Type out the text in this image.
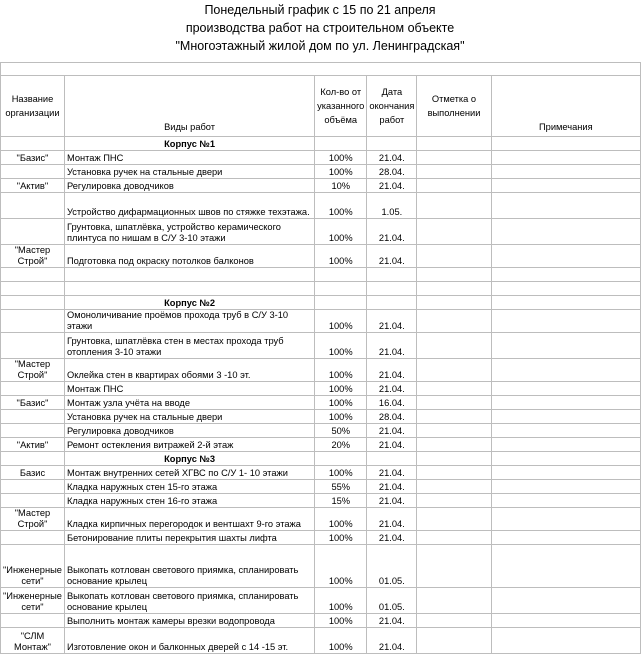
Понедельный график с 15 по 21 апреля
производства работ на строительном объекте
"Многоэтажный жилой дом по ул. Ленинградская"

Название организации	Виды работ	Кол-во от указанного объёма	Дата окончания работ	Отметка о выполнении	Примечания
	Корпус №1				
"Базис"	Монтаж ПНС	100%	21.04.		
	Установка ручек на стальные двери	100%	28.04.		
"Актив"	Регулировка доводчиков	10%	21.04.		
	Устройство дифармационных швов по стяжке техэтажа.	100%	1.05.		
	Грунтовка, шпатлёвка, устройство керамического плинтуса по нишам в С/У 3-10 этажи	100%	21.04.		
"Мастер Строй"	Подготовка под окраску потолков балконов	100%	21.04.		

	Корпус №2				
	Омоноличивание проёмов прохода труб в С/У 3-10 этажи	100%	21.04.		
	Грунтовка, шпатлёвка стен в местах прохода труб отопления 3-10 этажи	100%	21.04.		
"Мастер Строй"	Оклейка стен в квартирах обоями 3 -10 эт.	100%	21.04.		
	Монтаж ПНС	100%	21.04.		
"Базис"	Монтаж узла учёта на вводе	100%	16.04.		
	Установка ручек на стальные двери	100%	28.04.		
	Регулировка доводчиков	50%	21.04.		
"Актив"	Ремонт остекления витражей 2-й этаж	20%	21.04.		
	Корпус №3				
Базис	Монтаж внутренних сетей ХГВС по С/У 1- 10 этажи	100%	21.04.		
	Кладка наружных стен 15-го этажа	55%	21.04.		
	Кладка наружных стен 16-го этажа	15%	21.04.		
"Мастер Строй"	Кладка кирпичных перегородок и вентшахт 9-го этажа	100%	21.04.		
	Бетонирование плиты перекрытия шахты лифта	100%	21.04.		
"Инженерные сети"	Выкопать котлован светового приямка, спланировать основание крылец	100%	01.05.		
"Инженерные сети"	Выкопать котлован светового приямка, спланировать основание крылец	100%	01.05.		
	Выполнить монтаж камеры врезки водопровода	100%	21.04.		
"СЛМ Монтаж"	Изготовление окон и балконных дверей с 14 -15 эт.	100%	21.04.		
